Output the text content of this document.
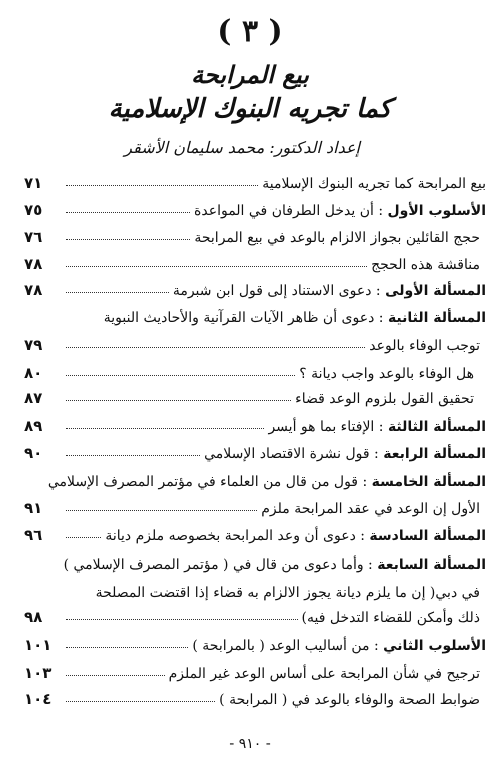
( ٣ )
بيع المرابحة
كما تجريه البنوك الإسلامية
إعداد الدكتور: محمد سليمان الأشقر
بيع المرابحة كما تجريه البنوك الإسلامية
٧١
الأسلوب الأول : أن يدخل الطرفان في المواعدة
٧٥
حجج القائلين بجواز الالزام بالوعد في بيع المرابحة
٧٦
مناقشة هذه الحجج
٧٨
المسألة الأولى : دعوى الاستناد إلى قول ابن شبرمة
٧٨
المسألة الثانية : دعوى أن ظاهر الآيات القرآنية والأحاديث النبوية
توجب الوفاء بالوعد
٧٩
هل الوفاء بالوعد واجب ديانة ؟
٨٠
تحقيق القول بلزوم الوعد قضاء
٨٧
المسألة الثالثة : الإفتاء بما هو أيسر
٨٩
المسألة الرابعة : قول نشرة الاقتصاد الإسلامي
٩٠
المسألة الخامسة : قول من قال من العلماء في مؤتمر المصرف الإسلامي
الأول إن الوعد في عقد المرابحة ملزم
٩١
المسألة السادسة : دعوى أن وعد المرابحة بخصوصه ملزم ديانة
٩٦
المسألة السابعة : وأما دعوى من قال في ( مؤتمر المصرف الإسلامي )
في دبي( إن ما يلزم ديانة يجوز الالزام به قضاء إذا اقتضت المصلحة
ذلك وأمكن للقضاء التدخل فيه)
٩٨
الأسلوب الثاني : من أساليب الوعد ( بالمرابحة )
١٠١
ترجيح في شأن المرابحة على أساس الوعد غير الملزم
١٠٣
ضوابط الصحة والوفاء بالوعد في ( المرابحة )
١٠٤
- ٩١٠ -
